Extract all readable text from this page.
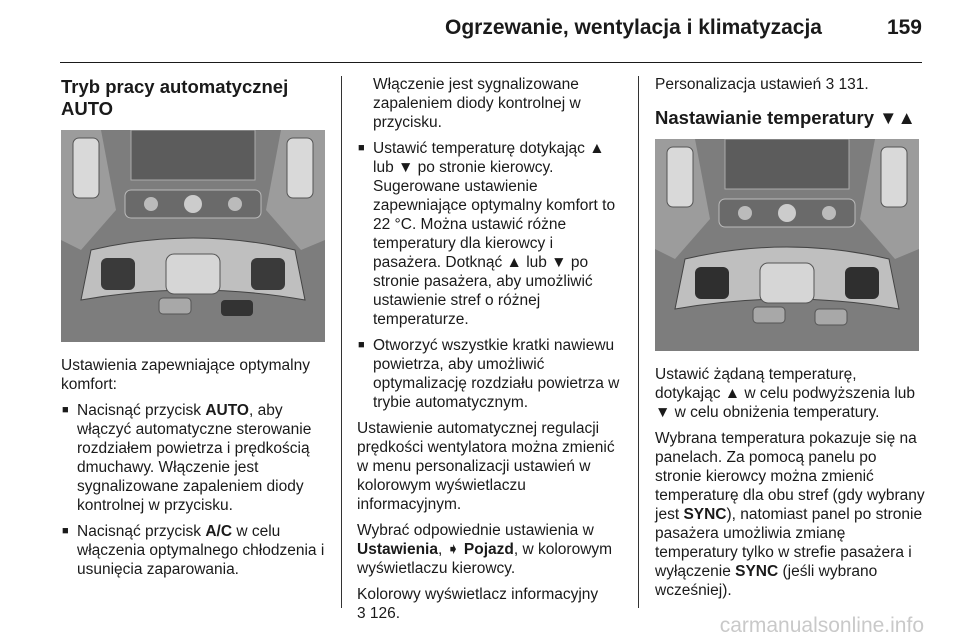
Ogrzewanie, wentylacja i klimatyzacja	159
Tryb pracy automatycznej AUTO

Ustawienia zapewniające optymalny komfort:

■ Nacisnąć przycisk AUTO, aby włączyć automatyczne sterowanie rozdziałem powietrza i prędkością dmuchawy. Włączenie jest sygnalizowane zapaleniem diody kontrolnej w przycisku.
■ Nacisnąć przycisk A/C w celu włączenia optymalnego chłodzenia i usunięcia zaparowania.

Włączenie jest sygnalizowane zapaleniem diody kontrolnej w przycisku.

■ Ustawić temperaturę dotykając ▲ lub ▼ po stronie kierowcy. Sugerowane ustawienie zapewniające optymalny komfort to 22 °C. Można ustawić różne temperatury dla kierowcy i pasażera. Dotknąć ▲ lub ▼ po stronie pasażera, aby umożliwić ustawienie stref o różnej temperaturze.
■ Otworzyć wszystkie kratki nawiewu powietrza, aby umożliwić optymalizację rozdziału powietrza w trybie automatycznym.

Ustawienie automatycznej regulacji prędkości wentylatora można zmienić w menu personalizacji ustawień w kolorowym wyświetlaczu informacyjnym.

Wybrać odpowiednie ustawienia w Ustawienia, ➧ Pojazd, w kolorowym wyświetlaczu kierowcy.

Kolorowy wyświetlacz informacyjny
3 126.

Personalizacja ustawień 3 131.

Nastawianie temperatury ▼▲

Ustawić żądaną temperaturę, dotykając ▲ w celu podwyższenia lub ▼ w celu obniżenia temperatury.

Wybrana temperatura pokazuje się na panelach. Za pomocą panelu po stronie kierowcy można zmienić temperaturę dla obu stref (gdy wybrany jest SYNC), natomiast panel po stronie pasażera umożliwia zmianę temperatury tylko w strefie pasażera i wyłączenie SYNC (jeśli wybrano wcześniej).

carmanualsonline.info
